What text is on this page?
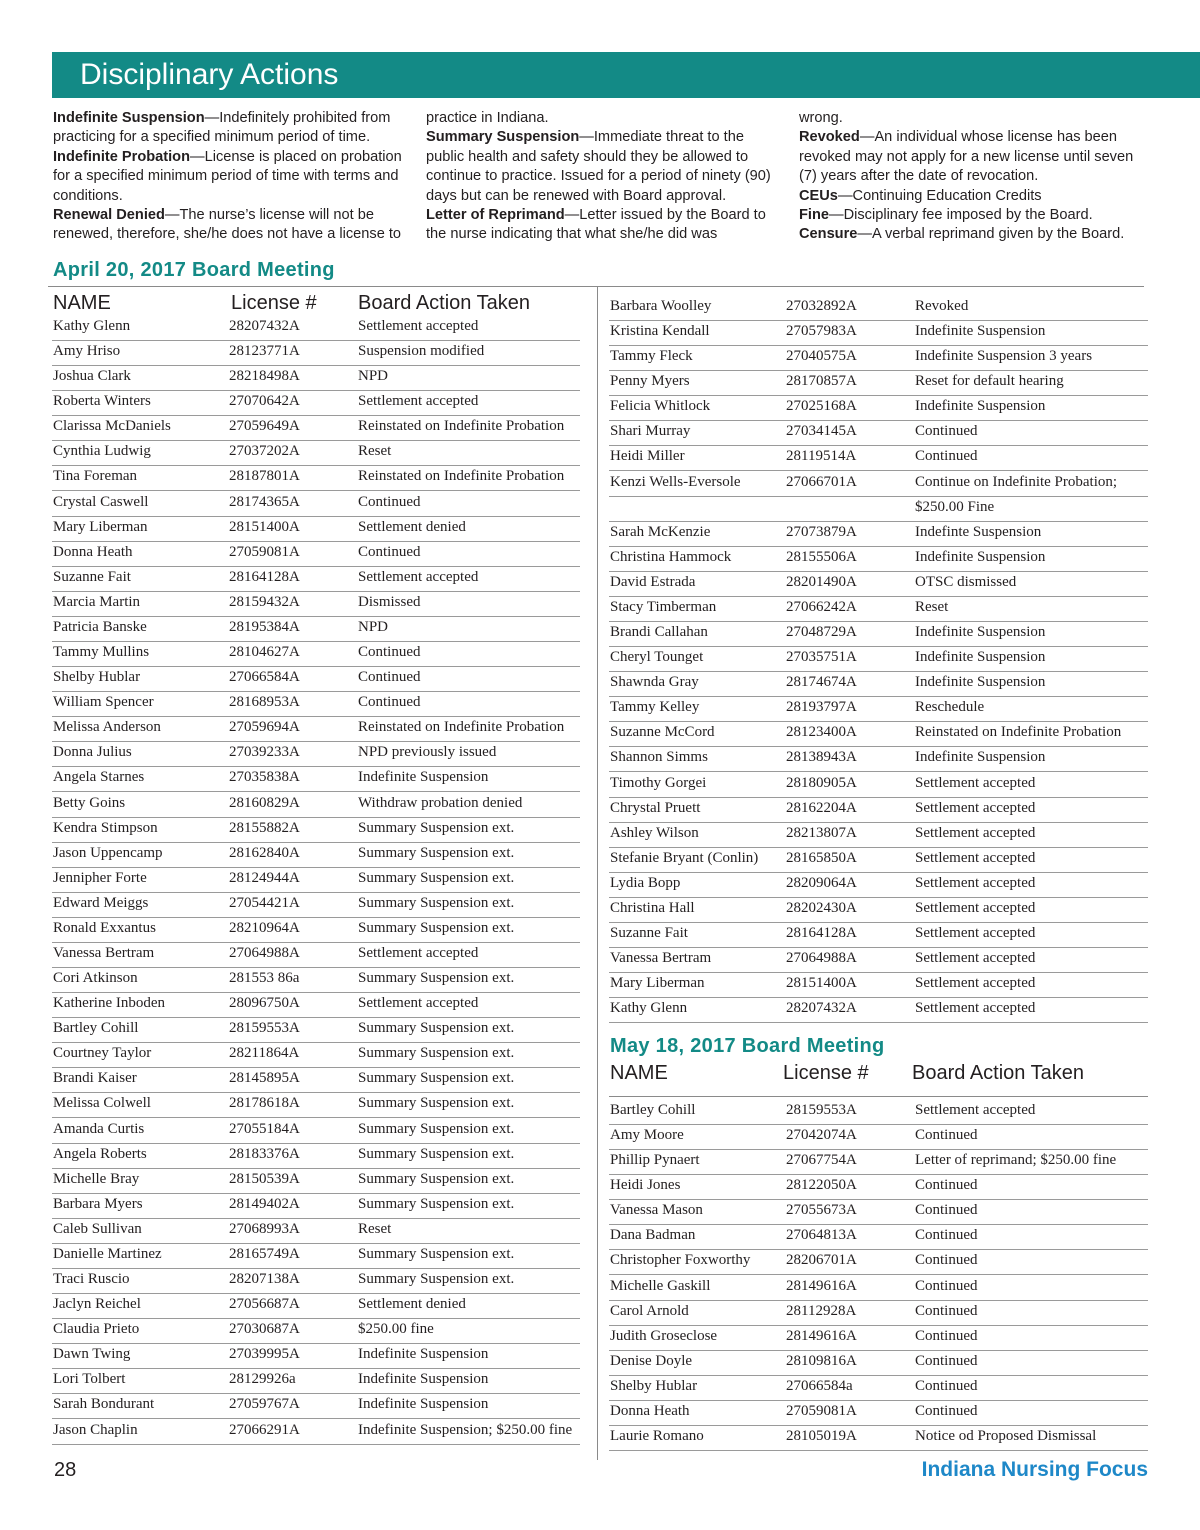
Disciplinary Actions

Indefinite Suspension—Indefinitely prohibited from practicing for a specified minimum period of time.

Indefinite Probation—License is placed on probation for a specified minimum period of time with terms and conditions.

Renewal Denied—The nurse’s license will not be renewed, therefore, she/he does not have a license to

practice in Indiana.

Summary Suspension—Immediate threat to the public health and safety should they be allowed to continue to practice. Issued for a period of ninety (90) days but can be renewed with Board approval.

Letter of Reprimand—Letter issued by the Board to the nurse indicating that what she/he did was

wrong.

Revoked—An individual whose license has been revoked may not apply for a new license until seven (7) years after the date of revocation.

CEUs—Continuing Education Credits

Fine—Disciplinary fee imposed by the Board.

Censure—A verbal reprimand given by the Board.

April 20, 2017 Board Meeting
NAME	License # Board Action Taken
Kathy Glenn	28207432A	Settlement accepted
Amy Hriso	28123771A	Suspension modified
Joshua Clark	28218498A	NPD
Roberta Winters	27070642A	Settlement accepted
Clarissa McDaniels	27059649A	Reinstated on Indefinite Probation
Cynthia Ludwig	27037202A	Reset
Tina Foreman	28187801A	Reinstated on Indefinite Probation
Crystal Caswell	28174365A	Continued
Mary Liberman	28151400A	Settlement denied
Donna Heath	27059081A	Continued
Suzanne Fait	28164128A	Settlement accepted
Marcia Martin	28159432A	Dismissed
Patricia Banske	28195384A	NPD
Tammy Mullins	28104627A	Continued
Shelby Hublar	27066584A	Continued
William Spencer	28168953A	Continued
Melissa Anderson	27059694A	Reinstated on Indefinite Probation
Donna Julius	27039233A	NPD previously issued
Angela Starnes	27035838A	Indefinite Suspension
Betty Goins	28160829A	Withdraw probation denied
Kendra Stimpson	28155882A	Summary Suspension ext.
Jason Uppencamp	28162840A	Summary Suspension ext.
Jennipher Forte	28124944A	Summary Suspension ext.
Edward Meiggs	27054421A	Summary Suspension ext.
Ronald Exxantus	28210964A	Summary Suspension ext.
Vanessa Bertram	27064988A	Settlement accepted
Cori Atkinson	281553 86a	Summary Suspension ext.
Katherine Inboden	28096750A	Settlement accepted
Bartley Cohill	28159553A	Summary Suspension ext.
Courtney Taylor	28211864A	Summary Suspension ext.
Brandi Kaiser	28145895A	Summary Suspension ext.
Melissa Colwell	28178618A	Summary Suspension ext.
Amanda Curtis	27055184A	Summary Suspension ext.
Angela Roberts	28183376A	Summary Suspension ext.
Michelle Bray	28150539A	Summary Suspension ext.
Barbara Myers	28149402A	Summary Suspension ext.
Caleb Sullivan	27068993A	Reset
Danielle Martinez	28165749A	Summary Suspension ext.
Traci Ruscio	28207138A	Summary Suspension ext.
Jaclyn Reichel	27056687A	Settlement denied
Claudia Prieto	27030687A	$250.00 fine
Dawn Twing	27039995A	Indefinite Suspension
Lori Tolbert	28129926a	Indefinite Suspension
Sarah Bondurant	27059767A	Indefinite Suspension
Jason Chaplin	27066291A	Indefinite Suspension; $250.00 fine
Barbara Woolley	27032892A	Revoked
Kristina Kendall	27057983A	Indefinite Suspension
Tammy Fleck	27040575A	Indefinite Suspension 3 years
Penny Myers	28170857A	Reset for default hearing
Felicia Whitlock	27025168A	Indefinite Suspension
Shari Murray	27034145A	Continued
Heidi Miller	28119514A	Continued
Kenzi Wells-Eversole	27066701A	Continue on Indefinite Probation;
$250.00 Fine
Sarah McKenzie	27073879A	Indefinte Suspension
Christina Hammock	28155506A	Indefinite Suspension
David Estrada	28201490A	OTSC dismissed
Stacy Timberman	27066242A	Reset
Brandi Callahan	27048729A	Indefinite Suspension
Cheryl Tounget	27035751A	Indefinite Suspension
Shawnda Gray	28174674A	Indefinite Suspension
Tammy Kelley	28193797A	Reschedule
Suzanne McCord	28123400A	Reinstated on Indefinite Probation
Shannon Simms	28138943A	Indefinite Suspension
Timothy Gorgei	28180905A	Settlement accepted
Chrystal Pruett	28162204A	Settlement accepted
Ashley Wilson	28213807A	Settlement accepted
Stefanie Bryant (Conlin) 28165850A	Settlement accepted
Lydia Bopp	28209064A	Settlement accepted
Christina Hall	28202430A	Settlement accepted
Suzanne Fait	28164128A	Settlement accepted
Vanessa Bertram	27064988A	Settlement accepted
Mary Liberman	28151400A	Settlement accepted
Kathy Glenn	28207432A	Settlement accepted
May 18, 2017 Board Meeting
NAME	License # Board Action Taken
Bartley Cohill	28159553A	Settlement accepted
Amy Moore	27042074A	Continued
Phillip Pynaert	27067754A	Letter of reprimand; $250.00 fine
Heidi Jones	28122050A	Continued
Vanessa Mason	27055673A	Continued
Dana Badman	27064813A	Continued
Christopher Foxworthy 28206701A	Continued
Michelle Gaskill	28149616A	Continued
Carol Arnold	28112928A	Continued
Judith Groseclose	28149616A	Continued
Denise Doyle	28109816A	Continued
Shelby Hublar	27066584a	Continued
Donna Heath	27059081A	Continued
Laurie Romano	28105019A	Notice od Proposed Dismissal
28	Indiana Nursing Focus
